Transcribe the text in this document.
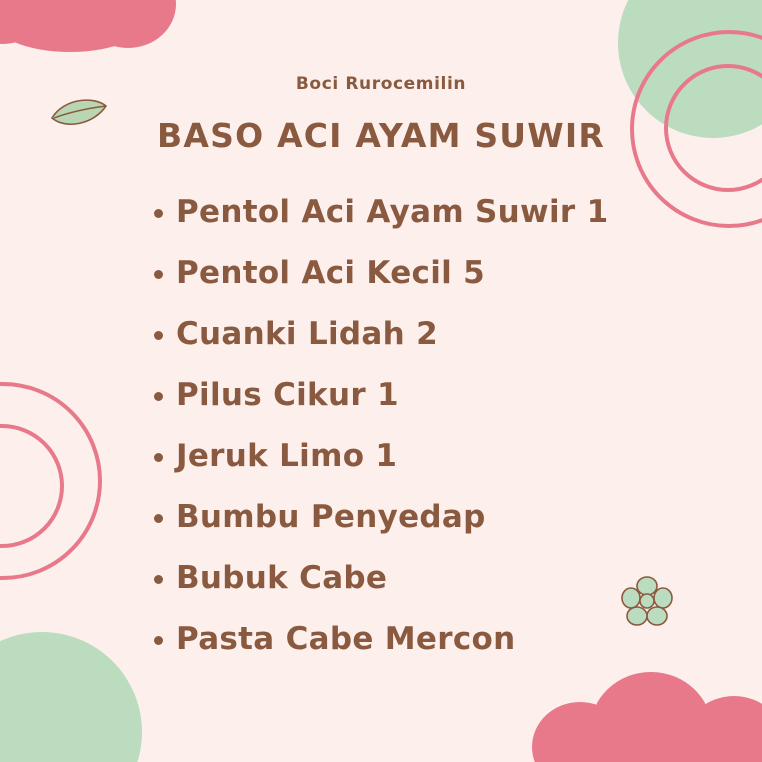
Boci Rurocemilin
BASO ACI AYAM SUWIR
Pentol Aci Ayam Suwir 1
Pentol Aci Kecil 5
Cuanki Lidah 2
Pilus Cikur 1
Jeruk Limo 1
Bumbu Penyedap
Bubuk Cabe
Pasta Cabe Mercon
